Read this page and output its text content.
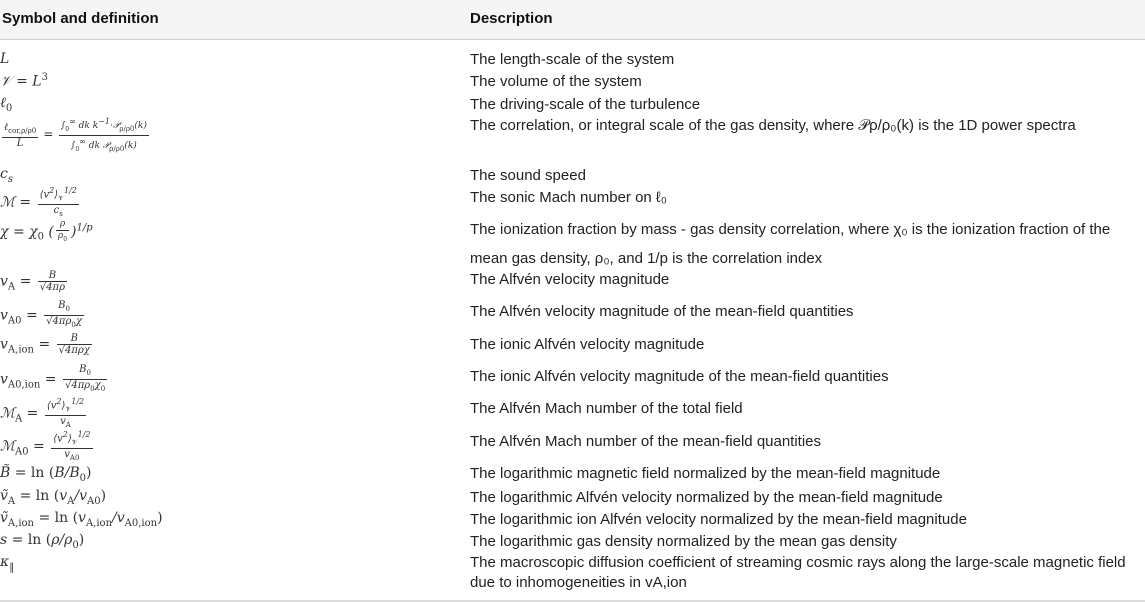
Symbol and definition	Description
L	The length-scale of the system
𝒱 = $L^3$	The volume of the system
ℓ$_0$	The driving-scale of the turbulence
$\frac{\ell_{cor,\rho/\rho 0}}{L} = \frac{\int_0\infty dk k-1\cdot 𝒫_{\rho/\rho 0}(k)}{\int_0\infty dk 𝒫_{\rho/\rho 0}(k)}$	The correlation, or integral scale of the gas density, where 𝒫ρ/ρ₀(k) is the 1D power spectra
$c_s$	The sound speed
ℳ = $\frac{⟨v^2⟩_𝒱^{1/2}}{c_s}$	The sonic Mach number on ℓ₀
$\chi = \chi_0$ ( $\frac{\rho}{\rho_0} )^{1/p}$	The ionization fraction by mass - gas density correlation, where χ₀ is the ionization fraction of the mean gas density, ρ₀, and 1/p is the correlation index
$v_A = \frac{B}{√4\pi\rho}$	The Alfvén velocity magnitude
$v_{A0} = \frac{B_0}{√4\pi\rho_0\chi}$	The Alfvén velocity magnitude of the mean-field quantities
$v_{A,ion} = \frac{B}{\text{√4πρχ}}$	The ionic Alfvén velocity magnitude
$v_{A0,ion} = \frac{B_0}{√4\pi\rho_0\chi_0}$	The ionic Alfvén velocity magnitude of the mean-field quantities
ℳ$_A$ = $\frac{⟨v^2⟩_𝒱^{1/2}}{v_A}$	The Alfvén Mach number of the total field
ℳ$_{A0}$ = $\frac{⟨v^2⟩_𝒱^{1/2}}{v_{A0}}$	The Alfvén Mach number of the mean-field quantities
B̃ = $\ln (B/B_0)$	The logarithmic magnetic field normalized by the mean-field magnitude
ṽ$_A$ = $\ln (v_A/v_{A0})$	The logarithmic Alfvén velocity normalized by the mean-field magnitude
ṽ$_{A,ion}$ = $\ln (v_{A,ion}/v_{A0,ion})$	The logarithmic ion Alfvén velocity normalized by the mean-field magnitude
$s = \ln (\rho/\rho_0)$	The logarithmic gas density normalized by the mean gas density
$\kappa_‖$	The macroscopic diffusion coefficient of streaming cosmic rays along the large-scale magnetic field due to inhomogeneities in vA,ion
